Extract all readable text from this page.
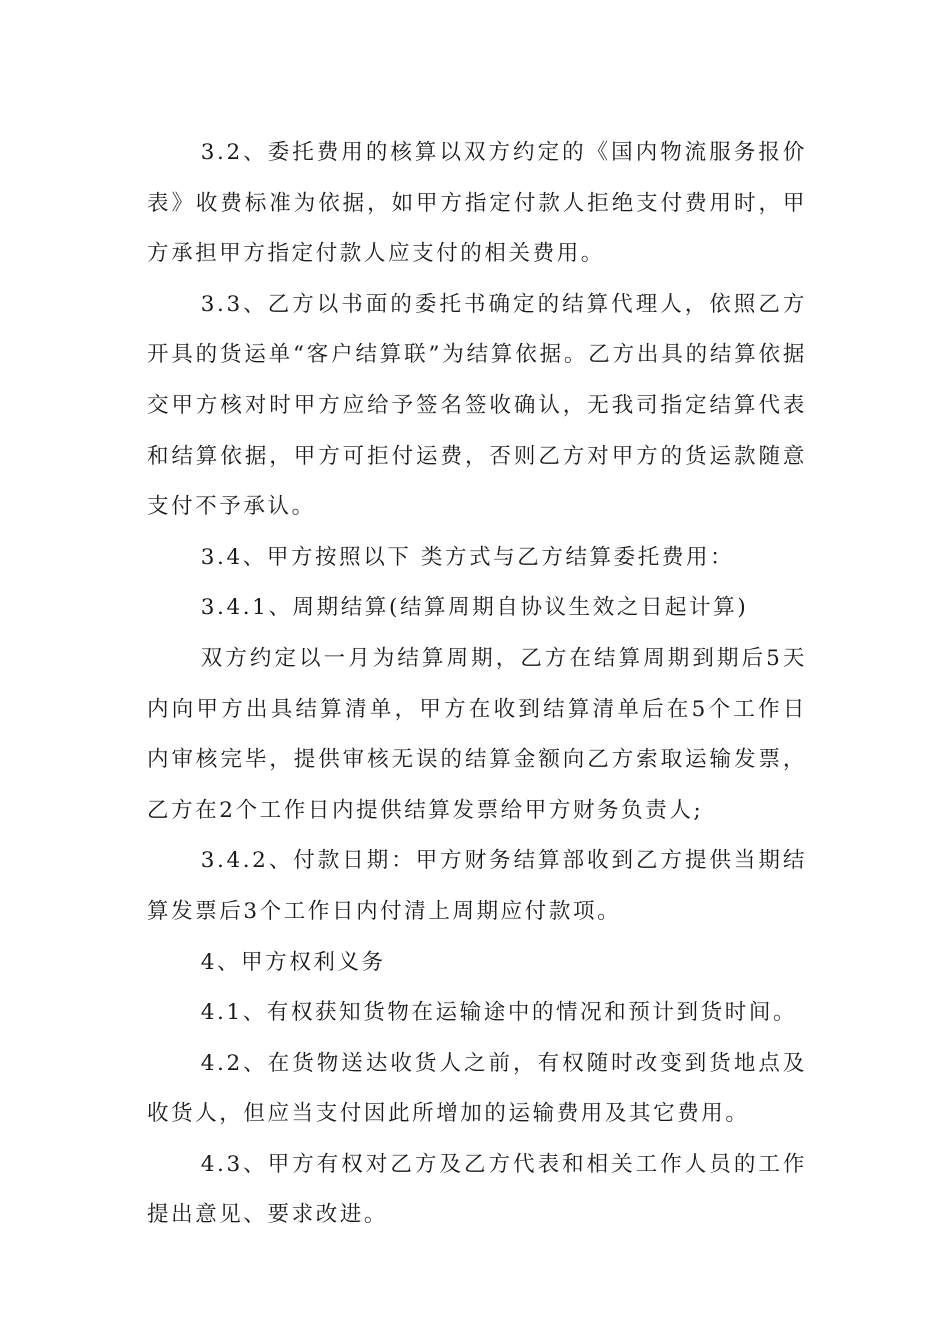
3.2、委托费用的核算以双方约定的《国内物流服务报价表》收费标准为依据，如甲方指定付款人拒绝支付费用时，甲方承担甲方指定付款人应支付的相关费用。

3.3、乙方以书面的委托书确定的结算代理人，依照乙方开具的货运单“客户结算联”为结算依据。乙方出具的结算依据交甲方核对时甲方应给予签名签收确认，无我司指定结算代表和结算依据，甲方可拒付运费，否则乙方对甲方的货运款随意支付不予承认。

3.4、甲方按照以下 类方式与乙方结算委托费用：

3.4.1、周期结算(结算周期自协议生效之日起计算)

双方约定以一月为结算周期，乙方在结算周期到期后5天内向甲方出具结算清单，甲方在收到结算清单后在5个工作日内审核完毕，提供审核无误的结算金额向乙方索取运输发票，乙方在2个工作日内提供结算发票给甲方财务负责人;

3.4.2、付款日期：甲方财务结算部收到乙方提供当期结算发票后3个工作日内付清上周期应付款项。

4、甲方权利义务

4.1、有权获知货物在运输途中的情况和预计到货时间。

4.2、在货物送达收货人之前，有权随时改变到货地点及收货人，但应当支付因此所增加的运输费用及其它费用。

4.3、甲方有权对乙方及乙方代表和相关工作人员的工作提出意见、要求改进。
